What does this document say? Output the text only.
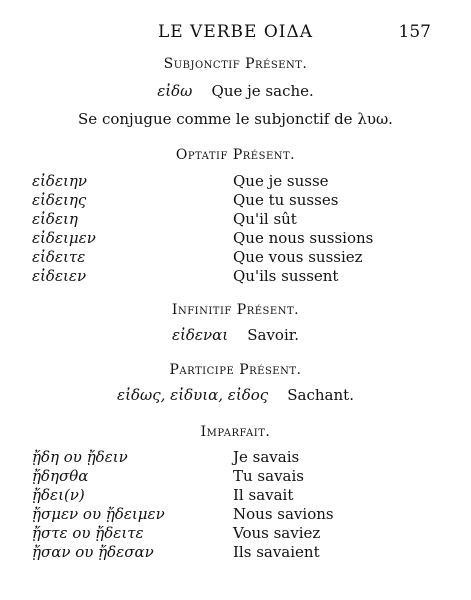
LE VERBE ΟΙΔΑ	157
Subjonctif Présent.
εἰδω Que je sache.
Se conjugue comme le subjonctif de λυω.
Optatif Présent.
εἰδειην	Que je susse
εἰδειης	Que tu susses
εἰδειη	Qu'il sût
εἰδειμεν	Que nous sussions
εἰδειτε	Que vous sussiez
εἰδειεν	Qu'ils sussent
Infinitif Présent.
εἰδεναι Savoir.
Participe Présent.
εἰδως, εἰδυια, εἰδος Sachant.
Imparfait.
ᾔδη ου ᾔδειν	Je savais
ᾔδησθα	Tu savais
ᾔδει(ν)	Il savait
ᾔσμεν ου ᾔδειμεν	Nous savions
ᾔστε ου ᾔδειτε	Vous saviez
ᾔσαν ου ᾔδεσαν	Ils savaient
